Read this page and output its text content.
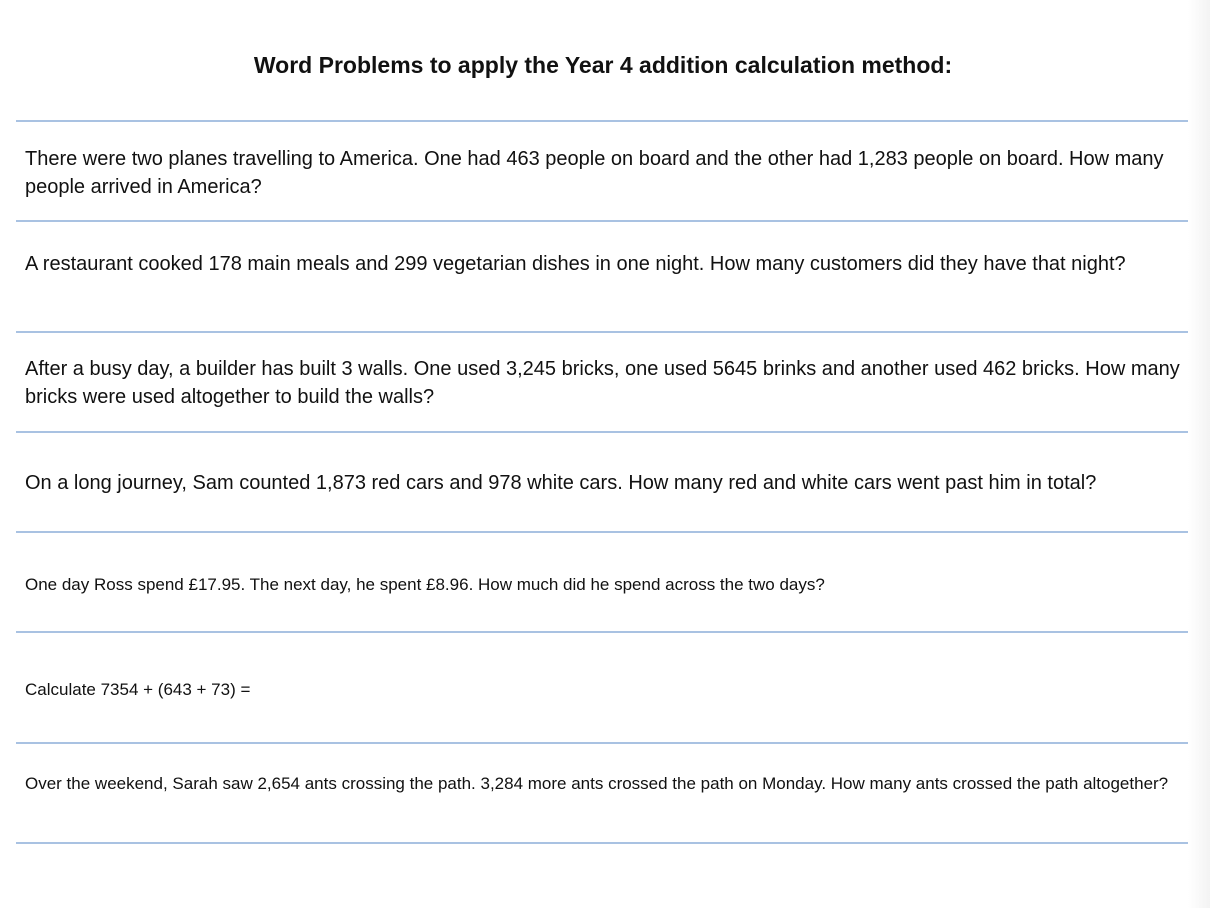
Word Problems to apply the Year 4 addition calculation method:

There were two planes travelling to America. One had 463 people on board and the other had 1,283 people on board. How many people arrived in America?

A restaurant cooked 178 main meals and 299 vegetarian dishes in one night. How many customers did they have that night?

After a busy day, a builder has built 3 walls. One used 3,245 bricks, one used 5645 brinks and another used 462 bricks. How many bricks were used altogether to build the walls?

On a long journey, Sam counted 1,873 red cars and 978 white cars. How many red and white cars went past him in total?

One day Ross spend £17.95. The next day, he spent £8.96. How much did he spend across the two days?

Calculate 7354 + (643 + 73) =

Over the weekend, Sarah saw 2,654 ants crossing the path. 3,284 more ants crossed the path on Monday. How many ants crossed the path altogether?
